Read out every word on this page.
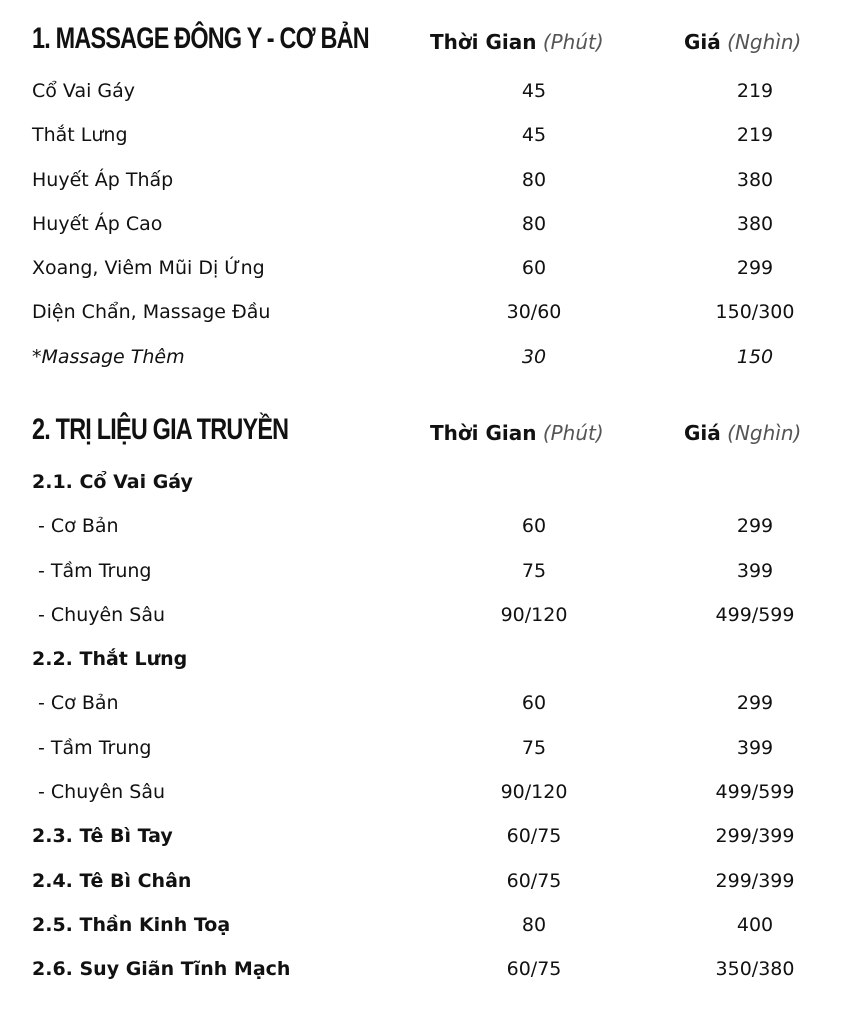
1. MASSAGE ĐÔNG Y - CƠ BẢN	Thời Gian (Phút)	Giá (Nghìn)
Cổ Vai Gáy	45	219
Thắt Lưng	45	219
Huyết Áp Thấp	80	380
Huyết Áp Cao	80	380
Xoang, Viêm Mũi Dị Ứng	60	299
Diện Chẩn, Massage Đầu	30/60	150/300
*Massage Thêm	30	150
2. TRỊ LIỆU GIA TRUYỀN	Thời Gian (Phút)	Giá (Nghìn)
2.1. Cổ Vai Gáy
- Cơ Bản	60	299
- Tầm Trung	75	399
- Chuyên Sâu	90/120	499/599
2.2. Thắt Lưng
- Cơ Bản	60	299
- Tầm Trung	75	399
- Chuyên Sâu	90/120	499/599
2.3. Tê Bì Tay	60/75	299/399
2.4. Tê Bì Chân	60/75	299/399
2.5. Thần Kinh Toạ	80	400
2.6. Suy Giãn Tĩnh Mạch	60/75	350/380
